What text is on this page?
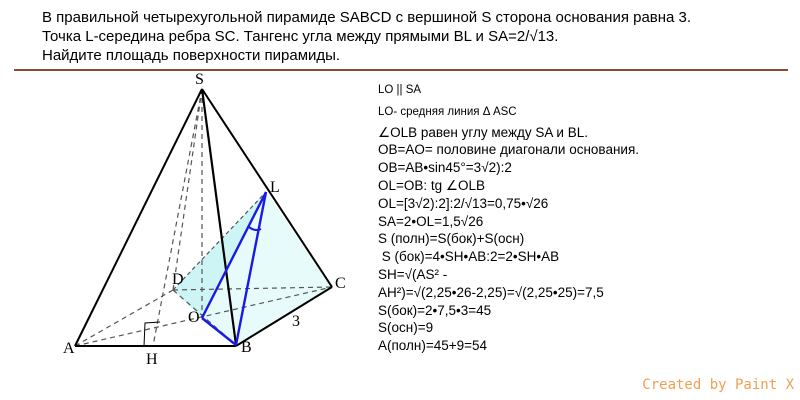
В правильной четырехугольной пирамиде SABCD с вершиной S сторона основания равна 3.
Точка L-середина ребра SC. Тангенс угла между прямыми BL и SA=2/√13.
Найдите площадь поверхности пирамиды.
S
L
D	C
A
O
B
H
3
LO || SA
LO- средняя линия Δ ASC
∠OLB равен углу между SA и BL.
OB=AO= половине диагонали основания.
OB=AB•sin45°=3√2):2
OL=OB: tg ∠OLB
OL=[3√2):2]:2/√13=0,75•√26
SA=2•OL=1,5√26
S (полн)=S(бок)+S(осн)
S (бок)=4•SH•AB:2=2•SH•AB
SH=√(AS² -
AH²)=√(2,25•26-2,25)=√(2,25•25)=7,5
S(бок)=2•7,5•3=45
S(осн)=9
A(полн)=45+9=54
Created by Paint X
